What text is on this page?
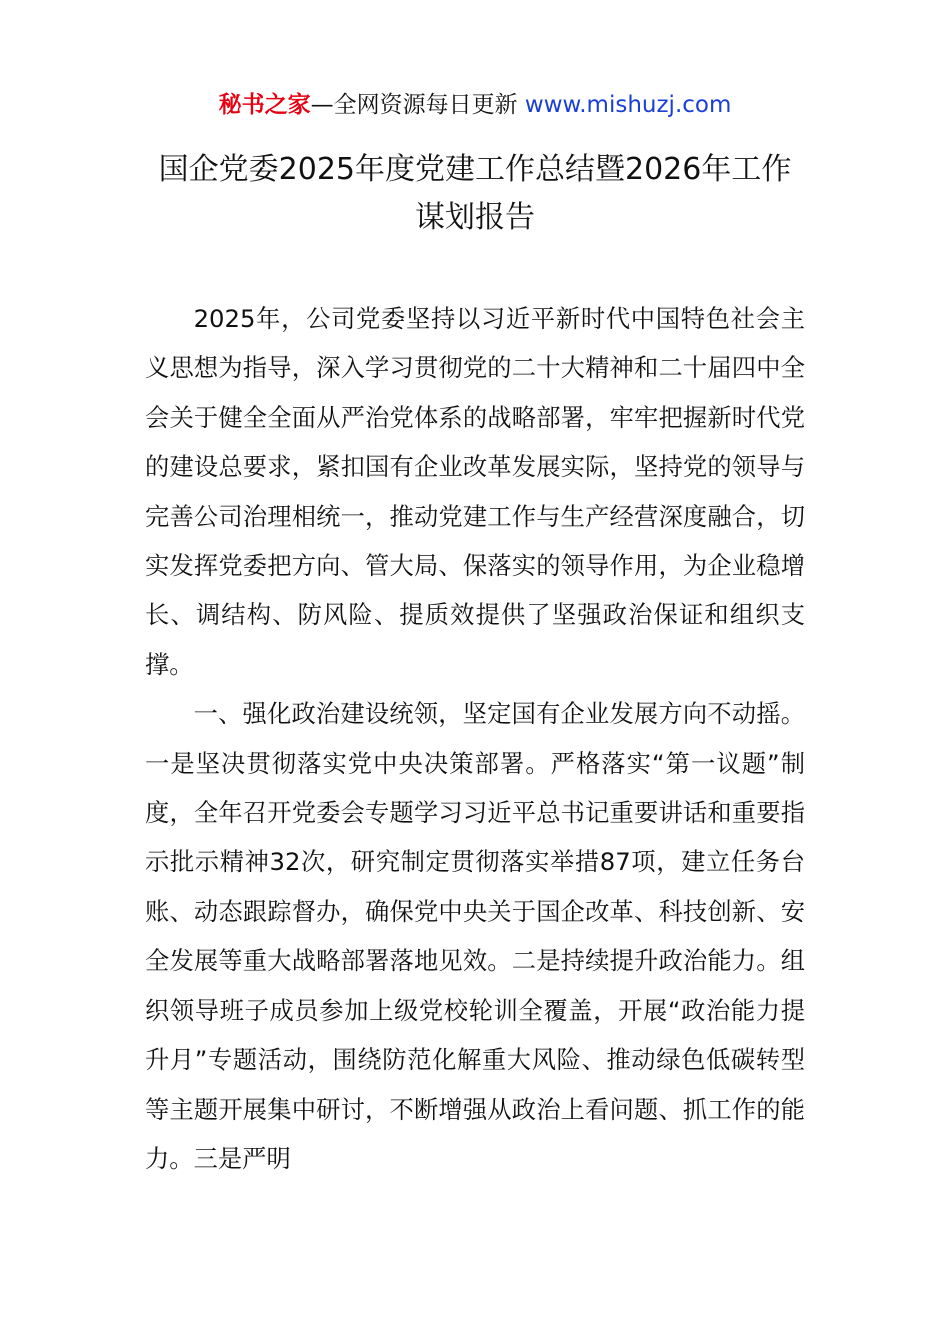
秘书之家—全网资源每日更新 www.mishuzj.com
国企党委2025年度党建工作总结暨2026年工作谋划报告

2025年，公司党委坚持以习近平新时代中国特色社会主义思想为指导，深入学习贯彻党的二十大精神和二十届四中全会关于健全全面从严治党体系的战略部署，牢牢把握新时代党的建设总要求，紧扣国有企业改革发展实际，坚持党的领导与完善公司治理相统一，推动党建工作与生产经营深度融合，切实发挥党委把方向、管大局、保落实的领导作用，为企业稳增长、调结构、防风险、提质效提供了坚强政治保证和组织支撑。

一、强化政治建设统领，坚定国有企业发展方向不动摇。一是坚决贯彻落实党中央决策部署。严格落实“第一议题”制度，全年召开党委会专题学习习近平总书记重要讲话和重要指示批示精神32次，研究制定贯彻落实举措87项，建立任务台账、动态跟踪督办，确保党中央关于国企改革、科技创新、安全发展等重大战略部署落地见效。二是持续提升政治能力。组织领导班子成员参加上级党校轮训全覆盖，开展“政治能力提升月”专题活动，围绕防范化解重大风险、推动绿色低碳转型等主题开展集中研讨，不断增强从政治上看问题、抓工作的能力。三是严明
